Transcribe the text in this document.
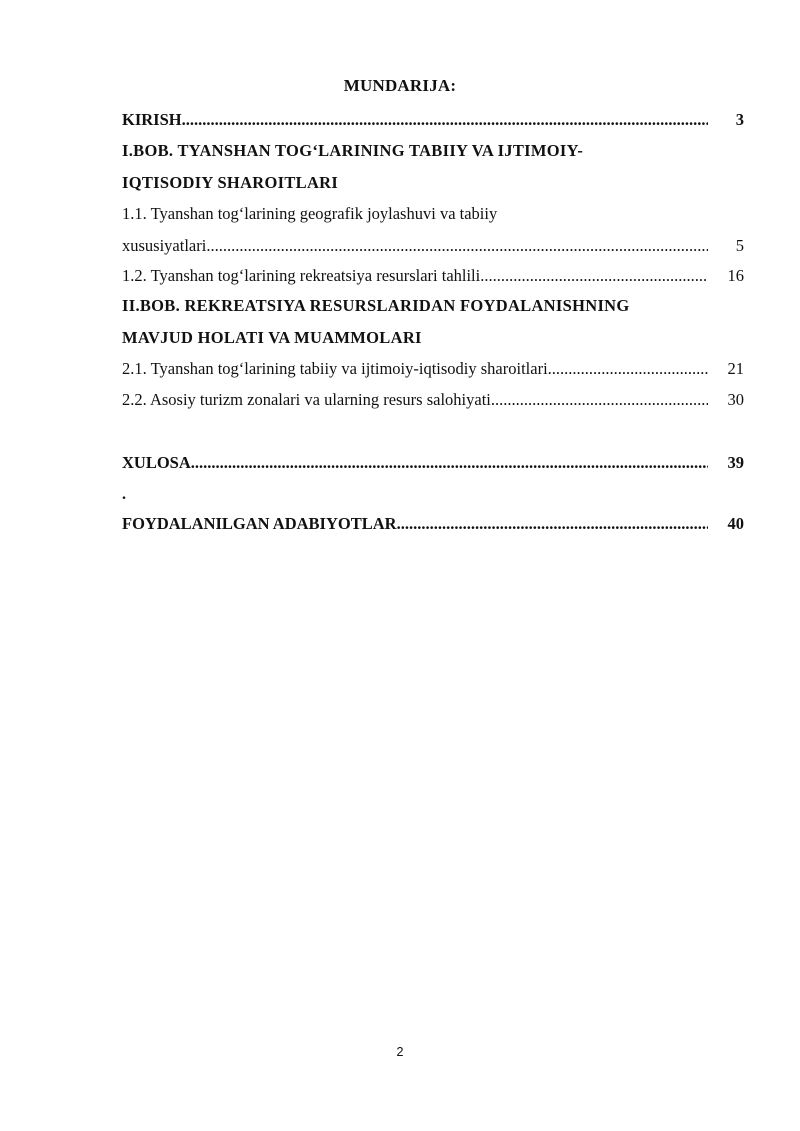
MUNDARIJA:
KIRISH .....	3
I.BOB. TYANSHAN TOG‘LARINING TABIIY VA IJTIMOIY-
IQTISODIY SHAROITLARI
1.1. Tyanshan tog‘larining geografik joylashuvi va tabiiy
xususiyatlari .....	5
1.2. Tyanshan tog‘larining rekreatsiya resurslari tahlili .....	16
II.BOB. REKREATSIYA RESURSLARIDAN FOYDALANISHNING
MAVJUD HOLATI VA MUAMMOLARI
2.1. Tyanshan tog‘larining tabiiy va ijtimoiy-iqtisodiy sharoitlari .....	21
2.2. Asosiy turizm zonalari va ularning resurs salohiyati .....	30
XULOSA .....	39
.
FOYDALANILGAN ADABIYOTLAR .....	40
2
